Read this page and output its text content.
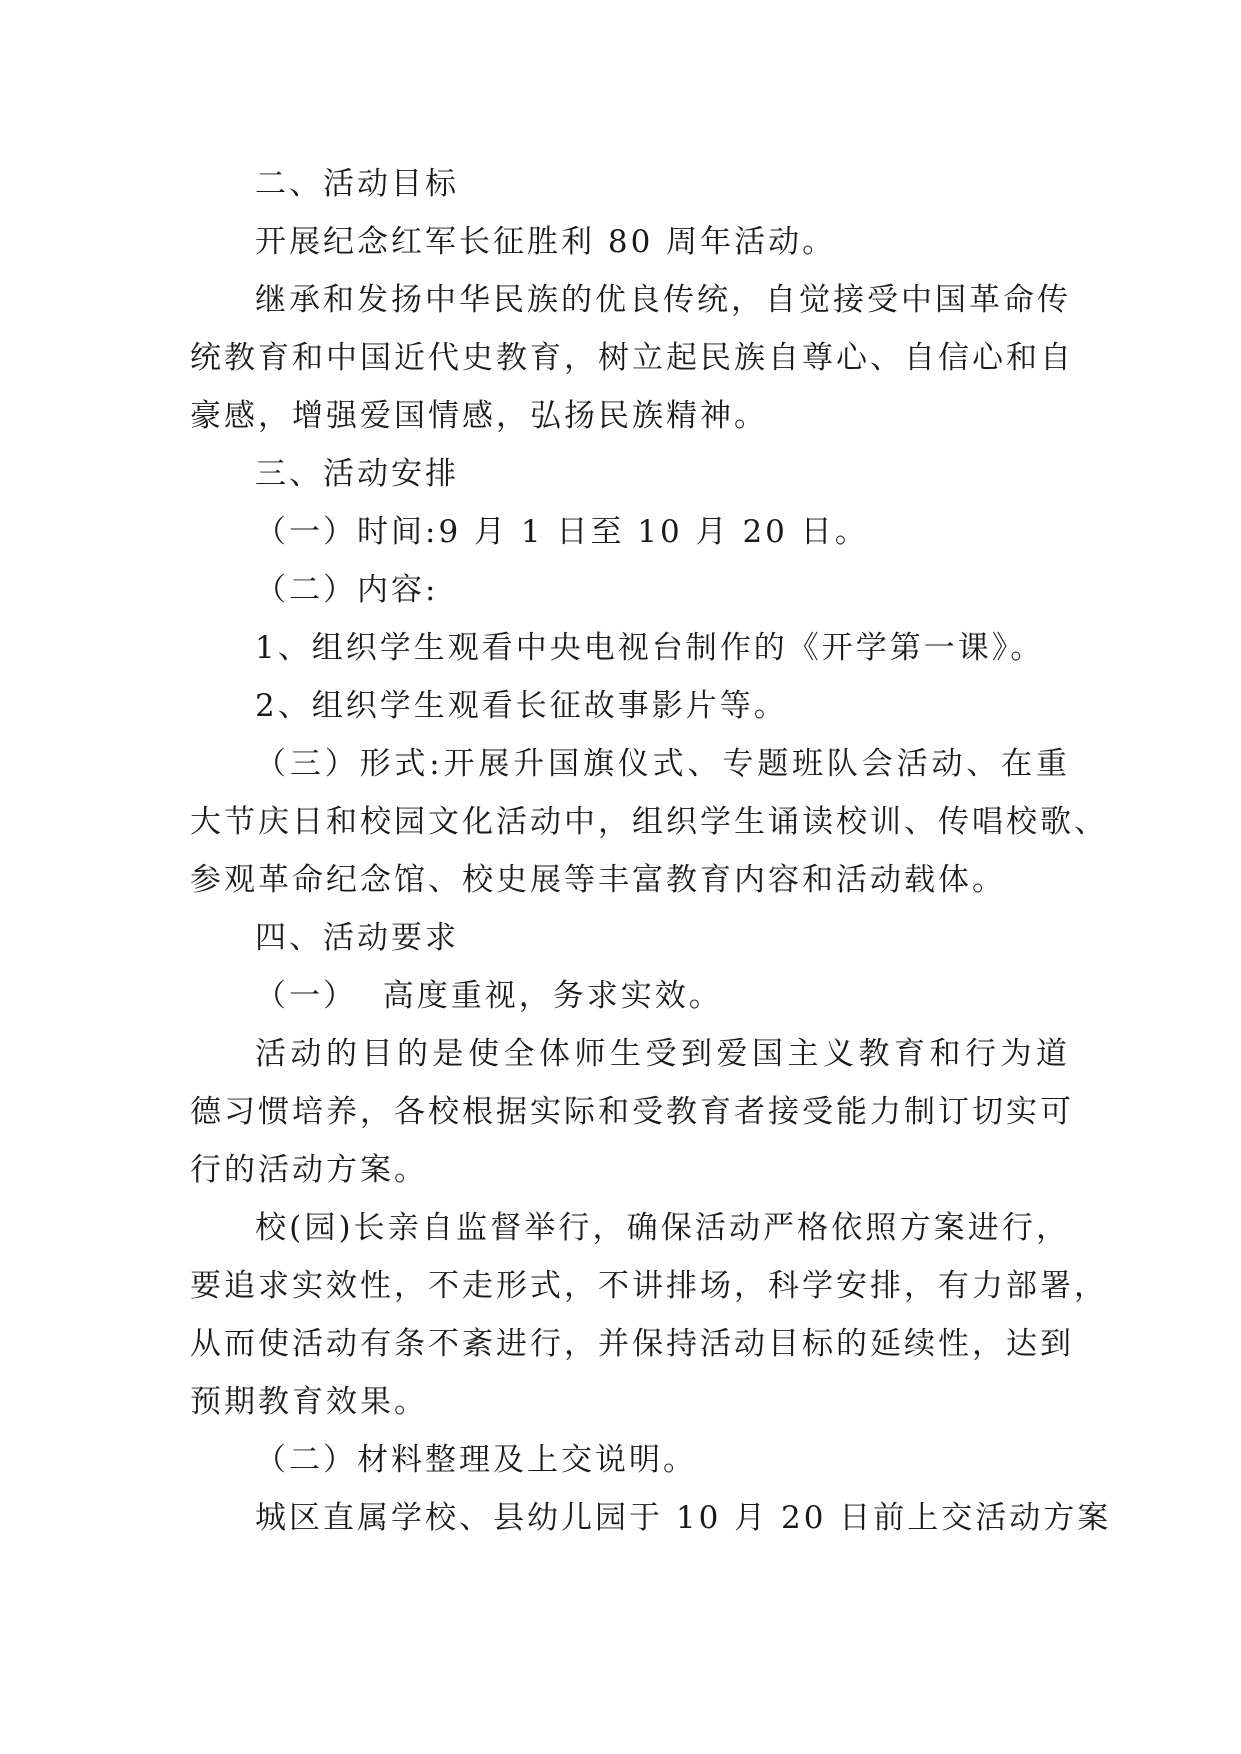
二、活动目标
开展纪念红军长征胜利 80 周年活动。
继承和发扬中华民族的优良传统，自觉接受中国革命传
统教育和中国近代史教育，树立起民族自尊心、自信心和自
豪感，增强爱国情感，弘扬民族精神。
三、活动安排
（一）时间:9 月 1 日至 10 月 20 日。
（二）内容:
1、组织学生观看中央电视台制作的《开学第一课》。
2、组织学生观看长征故事影片等。
（三）形式:开展升国旗仪式、专题班队会活动、在重
大节庆日和校园文化活动中，组织学生诵读校训、传唱校歌、
参观革命纪念馆、校史展等丰富教育内容和活动载体。
四、活动要求
（一）  高度重视，务求实效。
活动的目的是使全体师生受到爱国主义教育和行为道
德习惯培养，各校根据实际和受教育者接受能力制订切实可
行的活动方案。
校(园)长亲自监督举行，确保活动严格依照方案进行，
要追求实效性，不走形式，不讲排场，科学安排，有力部署，
从而使活动有条不紊进行，并保持活动目标的延续性，达到
预期教育效果。
（二）材料整理及上交说明。
城区直属学校、县幼儿园于 10 月 20 日前上交活动方案
